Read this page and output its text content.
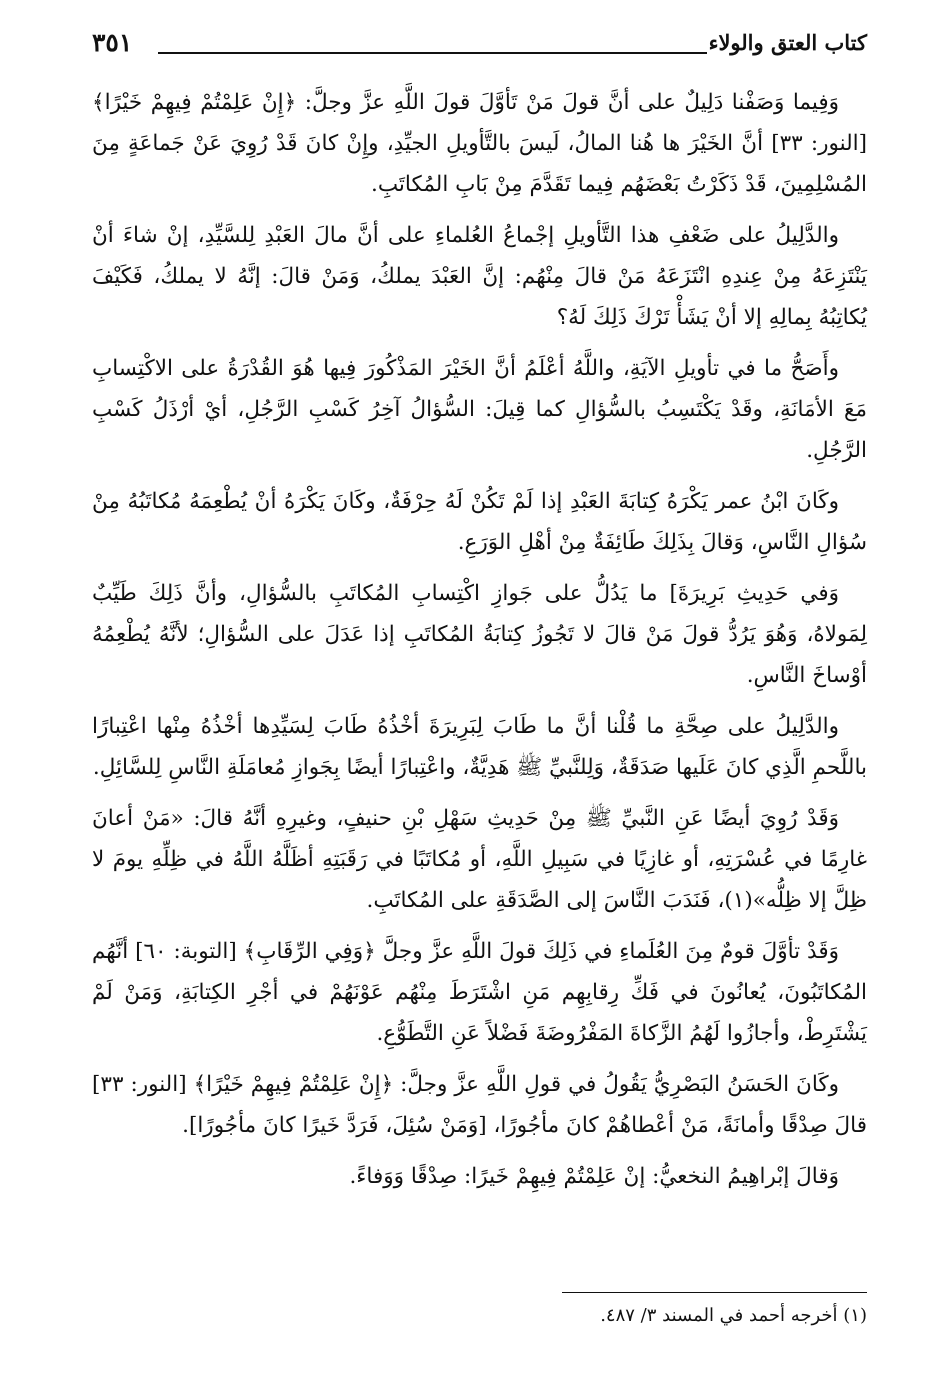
كتاب العتق والولاء
٣٥١

وَفِيما وَصَفْنا دَلِيلٌ على أنَّ قولَ مَنْ تَأوَّلَ قولَ اللَّهِ عزَّ وجلَّ: ﴿إِنْ عَلِمْتُمْ فِيهِمْ خَيْرًا﴾ [النور: ٣٣] أنَّ الخَيْرَ ها هُنا المالُ، لَيسَ بالتَّأويلِ الجيِّدِ، وإِنْ كانَ قَدْ رُوِيَ عَنْ جَماعَةٍ مِنَ المُسْلِمِينَ، قَدْ ذَكَرْتُ بَعْضَهُم فِيما تَقَدَّمَ مِنْ بَابِ المُكاتَبِ.

والدَّلِيلُ على ضَعْفِ هذا التَّأويلِ إجْماعُ العُلماءِ على أنَّ مالَ العَبْدِ لِلسَّيِّدِ، إنْ شاءَ أنْ يَنْتَزِعَهُ مِنْ عِندِهِ انْتَزَعَهُ مَنْ قالَ مِنْهُم: إنَّ العَبْدَ يملكُ، وَمَنْ قالَ: إنَّهُ لا يملكُ، فَكَيْفَ يُكاتِبُهُ بِمالِهِ إلا أنْ يَشَأْ تَرْكَ ذَلِكَ لَهُ؟

وأَصَحُّ ما في تأويلِ الآيَةِ، واللَّهُ أعْلَمُ أنَّ الخَيْرَ المَذْكُورَ فِيها هُوَ القُدْرَةُ على الاكْتِسابِ مَعَ الأمَانَةِ، وقَدْ يَكْتَسِبُ بالسُّؤالِ كما قِيلَ: السُّؤالُ آخِرُ كَسْبِ الرَّجُلِ، أيْ أرْذَلُ كَسْبِ الرَّجُلِ.

وكَانَ ابْنُ عمر يَكْرَهُ كِتابَةَ العَبْدِ إذا لَمْ تَكُنْ لَهُ حِرْفَةٌ، وكَانَ يَكْرَهُ أنْ يُطْعِمَهُ مُكاتَبُهُ مِنْ سُؤالِ النَّاسِ، وَقالَ بِذَلِكَ طَائِفَةٌ مِنْ أهْلِ الوَرَعِ.

وَفي حَدِيثِ بَرِيرَةَ] ما يَدُلُّ على جَوازِ اكْتِسابِ المُكاتَبِ بالسُّؤالِ، وأنَّ ذَلِكَ طَيِّبٌ لِمَولاهُ، وَهُوَ يَرُدُّ قولَ مَنْ قالَ لا تَجُوزُ كِتابَةُ المُكاتَبِ إذا عَدَلَ على السُّؤالِ؛ لأنَّهُ يُطْعِمُهُ أوْساخَ النَّاسِ.

والدَّلِيلُ على صِحَّةِ ما قُلْنا أنَّ ما طَابَ لِبَرِيرَةَ أخْذُهُ طَابَ لِسَيِّدِها أخْذُهُ مِنْها اعْتِبارًا باللَّحمِ الَّذِي كانَ عَلَيها صَدَقَةٌ، وَلِلنَّبيِّ ﷺ هَدِيَّةٌ، واعْتِبارًا أيضًا بِجَوازِ مُعامَلَةِ النَّاسِ لِلسَّائِلِ.

وَقَدْ رُوِيَ أيضًا عَنِ النَّبيِّ ﷺ مِنْ حَدِيثِ سَهْلِ بْنِ حنيفٍ، وغيرِهِ أنَّهُ قالَ: «مَنْ أعانَ غارِمًا في عُسْرَتِهِ، أو غازِيًا في سَبِيلِ اللَّهِ، أو مُكاتَبًا في رَقَبَتِهِ أظَلَّهُ اللَّهُ في ظِلِّهِ يومَ لا ظِلَّ إلا ظِلُّه»(١)، فَنَدَبَ النَّاسَ إلى الصَّدَقَةِ على المُكاتَبِ.

وَقَدْ تأوَّلَ قومٌ مِنَ العُلَماءِ في ذَلِكَ قولَ اللَّهِ عزَّ وجلَّ ﴿وَفِي الرِّقَابِ﴾ [التوبة: ٦٠] أنَّهُم المُكاتَبُونَ، يُعانُونَ في فَكِّ رِقابِهِم مَنِ اشْتَرَطَ مِنْهُم عَوْنَهُمْ في أجْرِ الكِتابَةِ، وَمَنْ لَمْ يَشْتَرِطْ، وأجازُوا لَهُمُ الزَّكاةَ المَفْرُوضَةَ فَضْلاً عَنِ التَّطَوُّعِ.

وكَانَ الحَسَنُ البَصْرِيُّ يَقُولُ في قولِ اللَّهِ عزَّ وجلَّ: ﴿إِنْ عَلِمْتُمْ فِيهِمْ خَيْرًا﴾ [النور: ٣٣] قالَ صِدْقًا وأمانَةً، مَنْ أعْطاهُمْ كانَ مأجُورًا، [وَمَنْ سُئِلَ، فَرَدَّ خَيرًا كانَ مأجُورًا].

وَقالَ إبْراهِيمُ النخعيُّ: إنْ عَلِمْتُمْ فِيهِمْ خَيرًا: صِدْقًا وَوَفاءً.

(١) أخرجه أحمد في المسند ٣/ ٤٨٧.
